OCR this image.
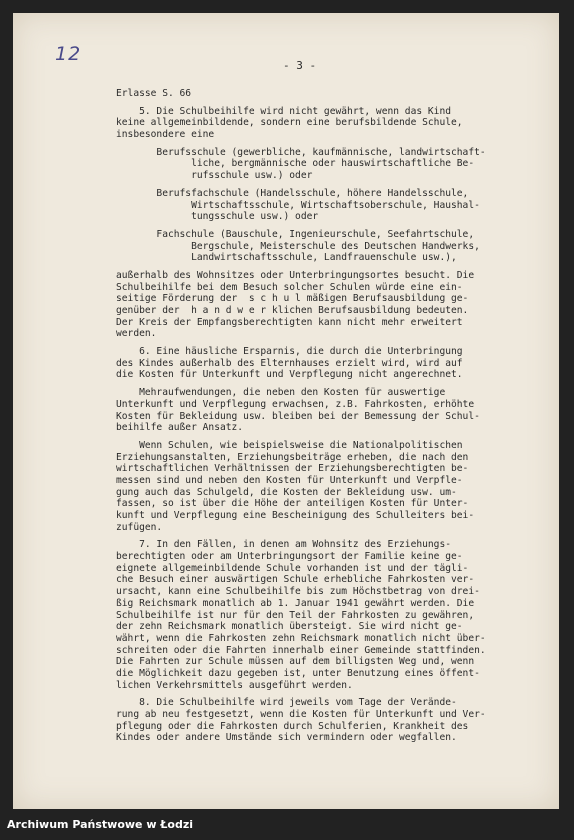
12
- 3 -
Erlasse S. 66
5. Die Schulbeihilfe wird nicht gewährt, wenn das Kind
keine allgemeinbildende, sondern eine berufsbildende Schule,
insbesondere eine
Berufsschule (gewerbliche, kaufmännische, landwirtschaft-
liche, bergmännische oder hauswirtschaftliche Be-
rufsschule usw.) oder
Berufsfachschule (Handelsschule, höhere Handelsschule,
Wirtschaftsschule, Wirtschaftsoberschule, Haushal-
tungsschule usw.) oder
Fachschule (Bauschule, Ingenieurschule, Seefahrtschule,
Bergschule, Meisterschule des Deutschen Handwerks,
Landwirtschaftsschule, Landfrauenschule usw.),
außerhalb des Wohnsitzes oder Unterbringungsortes besucht. Die
Schulbeihilfe bei dem Besuch solcher Schulen würde eine ein-
seitige Förderung der  s c h u l mäßigen Berufsausbildung ge-
genüber der  h a n d w e r klichen Berufsausbildung bedeuten.
Der Kreis der Empfangsberechtigten kann nicht mehr erweitert
werden.
6. Eine häusliche Ersparnis, die durch die Unterbringung
des Kindes außerhalb des Elternhauses erzielt wird, wird auf
die Kosten für Unterkunft und Verpflegung nicht angerechnet.
Mehraufwendungen, die neben den Kosten für auswertige
Unterkunft und Verpflegung erwachsen, z.B. Fahrkosten, erhöhte
Kosten für Bekleidung usw. bleiben bei der Bemessung der Schul-
beihilfe außer Ansatz.
Wenn Schulen, wie beispielsweise die Nationalpolitischen
Erziehungsanstalten, Erziehungsbeiträge erheben, die nach den
wirtschaftlichen Verhältnissen der Erziehungsberechtigten be-
messen sind und neben den Kosten für Unterkunft und Verpfle-
gung auch das Schulgeld, die Kosten der Bekleidung usw. um-
fassen, so ist über die Höhe der anteiligen Kosten für Unter-
kunft und Verpflegung eine Bescheinigung des Schulleiters bei-
zufügen.
7. In den Fällen, in denen am Wohnsitz des Erziehungs-
berechtigten oder am Unterbringungsort der Familie keine ge-
eignete allgemeinbildende Schule vorhanden ist und der tägli-
che Besuch einer auswärtigen Schule erhebliche Fahrkosten ver-
ursacht, kann eine Schulbeihilfe bis zum Höchstbetrag von drei-
ßig Reichsmark monatlich ab 1. Januar 1941 gewährt werden. Die
Schulbeihilfe ist nur für den Teil der Fahrkosten zu gewähren,
der zehn Reichsmark monatlich übersteigt. Sie wird nicht ge-
währt, wenn die Fahrkosten zehn Reichsmark monatlich nicht über-
schreiten oder die Fahrten innerhalb einer Gemeinde stattfinden.
Die Fahrten zur Schule müssen auf dem billigsten Weg und, wenn
die Möglichkeit dazu gegeben ist, unter Benutzung eines öffent-
lichen Verkehrsmittels ausgeführt werden.
8. Die Schulbeihilfe wird jeweils vom Tage der Verände-
rung ab neu festgesetzt, wenn die Kosten für Unterkunft und Ver-
pflegung oder die Fahrkosten durch Schulferien, Krankheit des
Kindes oder andere Umstände sich vermindern oder wegfallen.
Archiwum Państwowe w Łodzi
